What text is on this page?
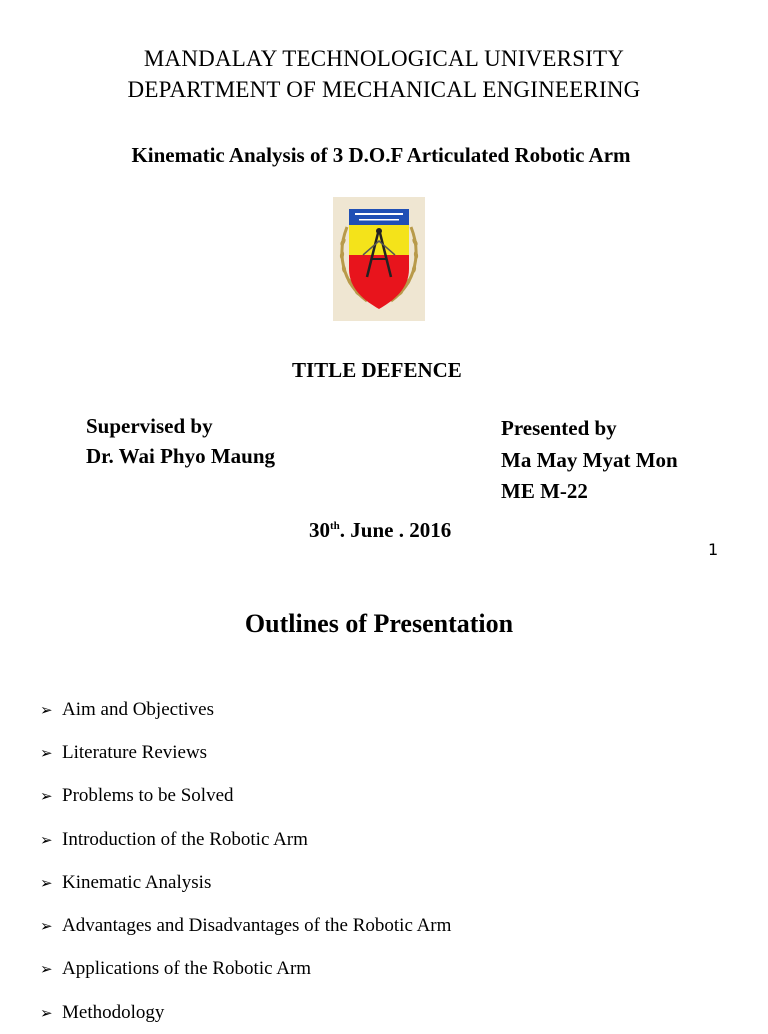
MANDALAY TECHNOLOGICAL UNIVERSITY
DEPARTMENT OF MECHANICAL ENGINEERING
Kinematic Analysis of 3 D.O.F Articulated Robotic Arm
TITLE DEFENCE
Supervised by
Dr. Wai Phyo Maung
Presented by
Ma May Myat Mon
ME M-22
30th. June . 2016
1
Outlines of Presentation
➢ Aim and Objectives
➢ Literature Reviews
➢ Problems to be Solved
➢ Introduction of the Robotic Arm
➢ Kinematic Analysis
➢ Advantages and Disadvantages of the Robotic Arm
➢ Applications of the Robotic Arm
➢ Methodology
